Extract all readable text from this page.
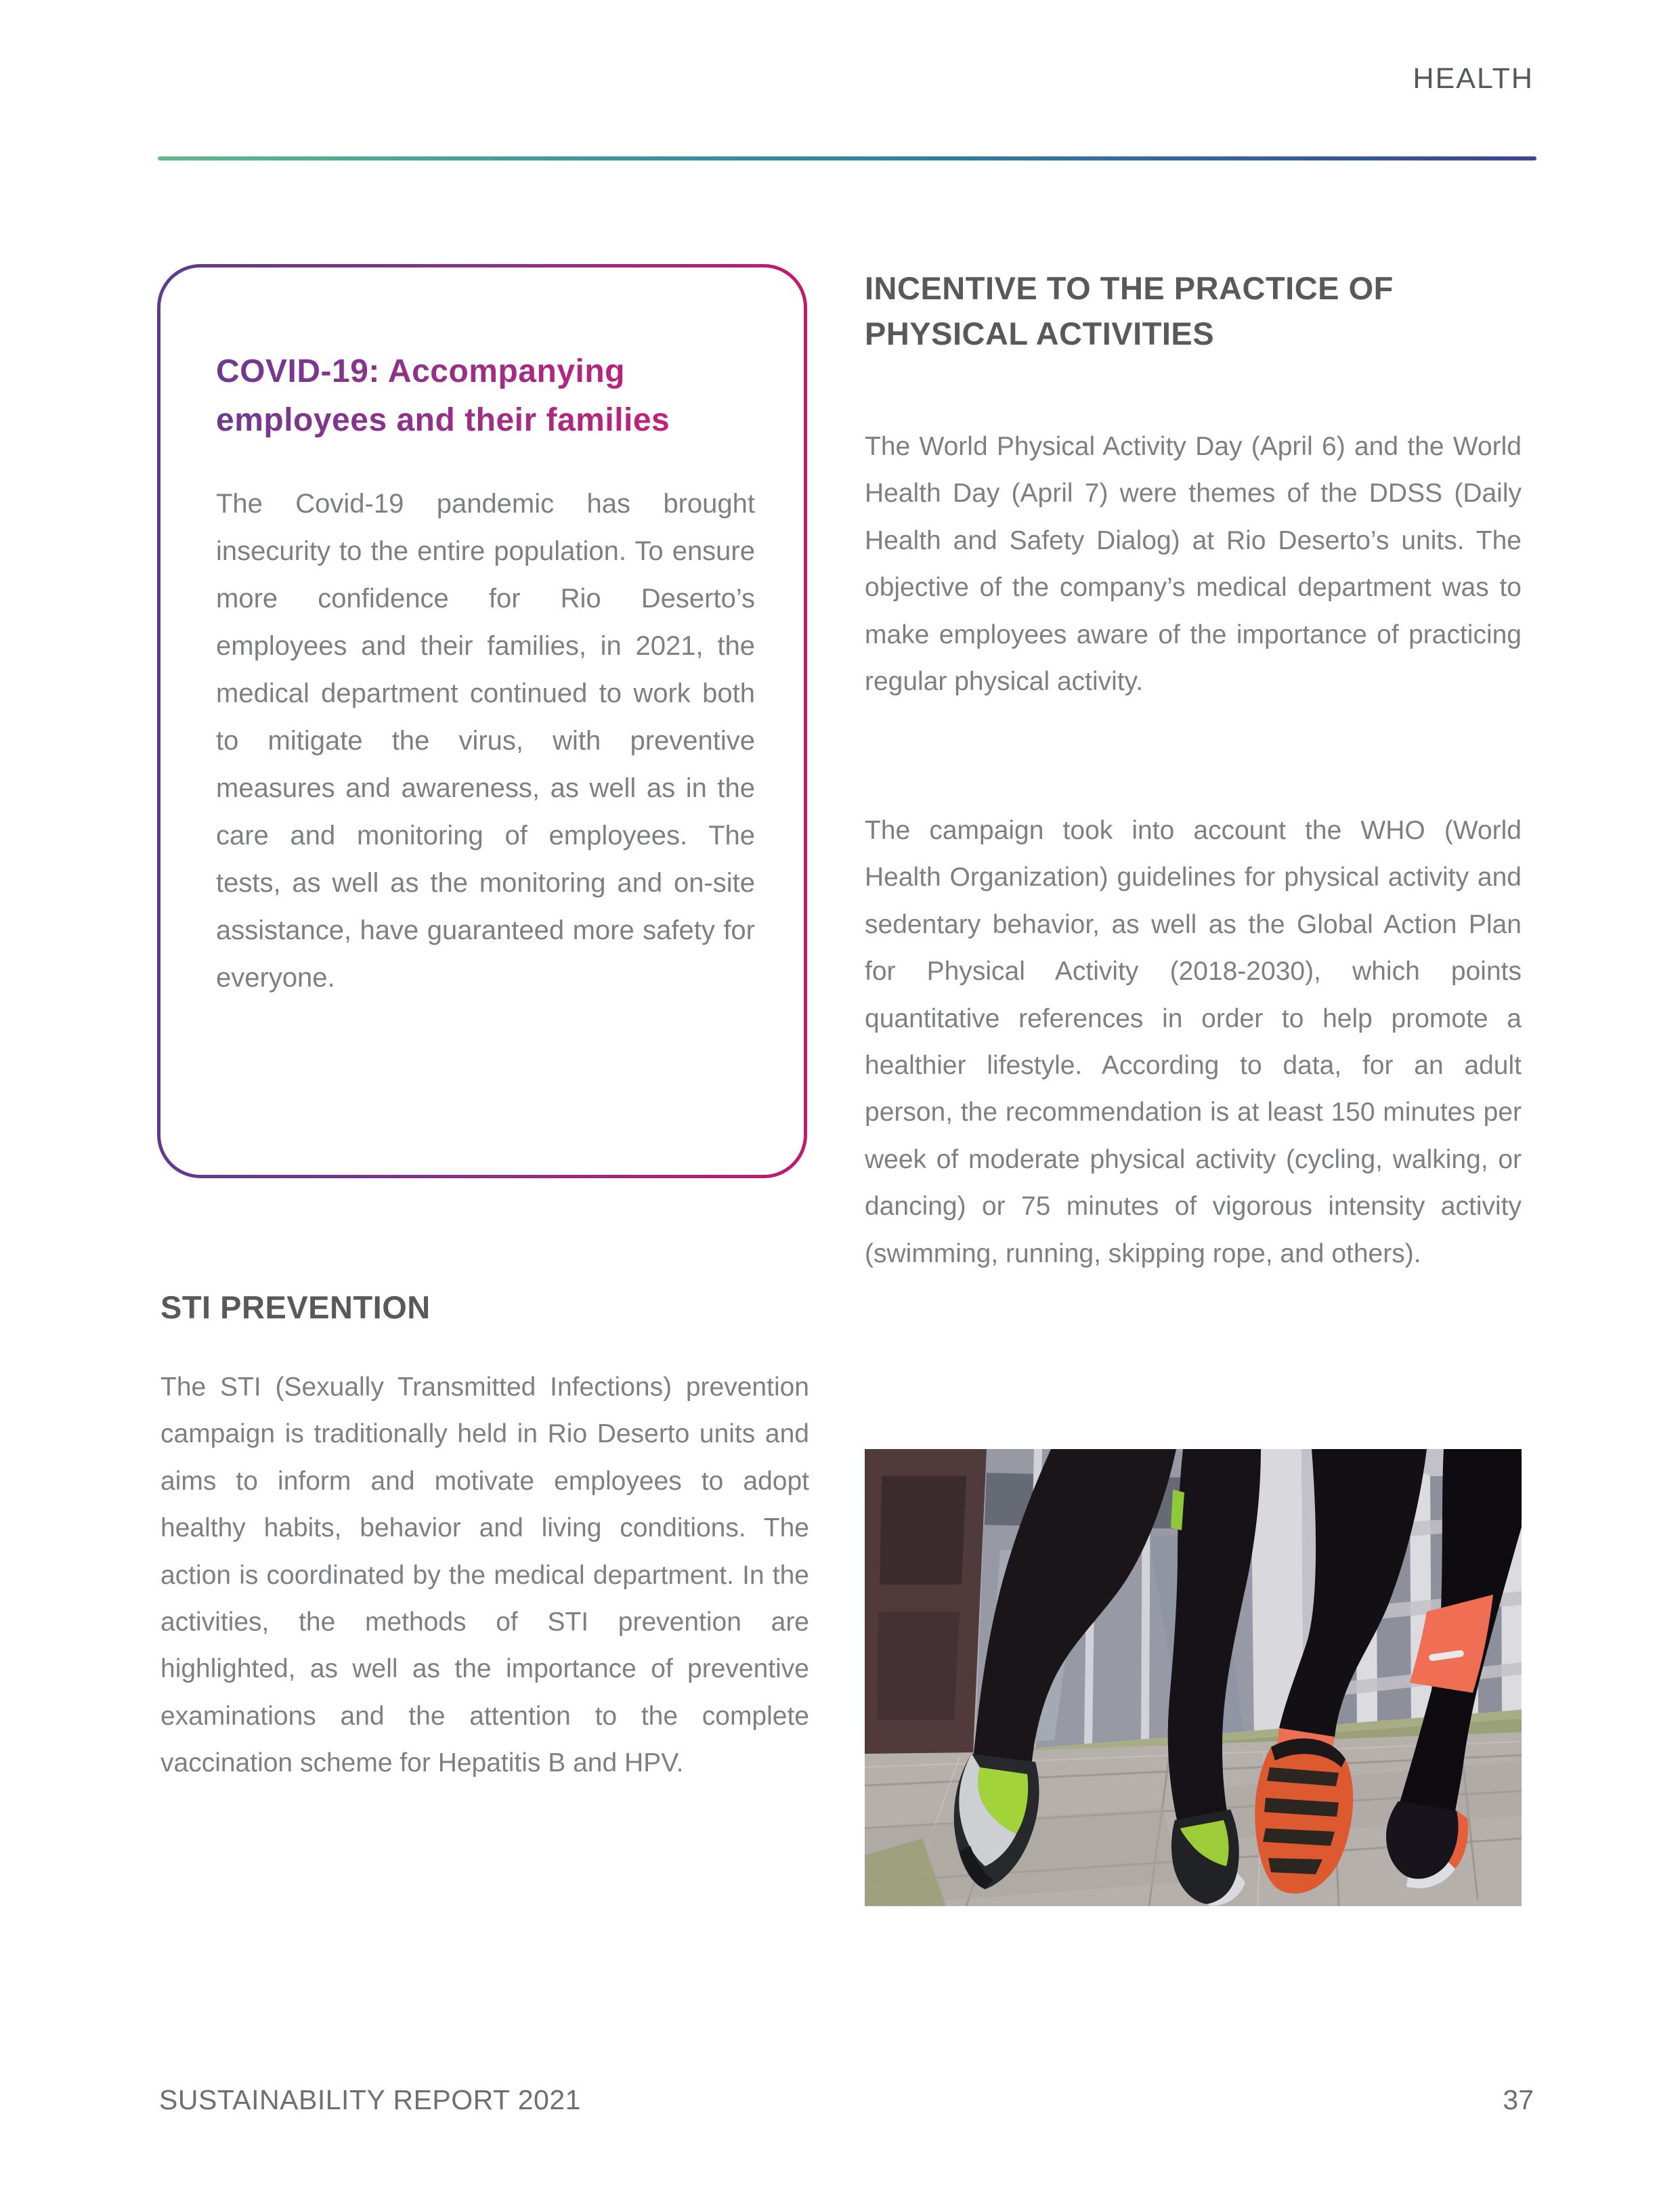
HEALTH
COVID-19: Accompanying employees and their families

The Covid-19 pandemic has brought insecurity to the entire population. To ensure more confidence for Rio Deserto’s employees and their families, in 2021, the medical department continued to work both to mitigate the virus, with preventive measures and awareness, as well as in the care and monitoring of employees. The tests, as well as the monitoring and on-site assistance, have guaranteed more safety for everyone.

STI PREVENTION

The STI (Sexually Transmitted Infections) prevention campaign is traditionally held in Rio Deserto units and aims to inform and motivate employees to adopt healthy habits, behavior and living conditions. The action is coordinated by the medical department. In the activities, the methods of STI prevention are highlighted, as well as the importance of preventive examinations and the attention to the complete vaccination scheme for Hepatitis B and HPV.

INCENTIVE TO THE PRACTICE OF PHYSICAL ACTIVITIES

The World Physical Activity Day (April 6) and the World Health Day (April 7) were themes of the DDSS (Daily Health and Safety Dialog) at Rio Deserto’s units. The objective of the company’s medical department was to make employees aware of the importance of practicing regular physical activity.

The campaign took into account the WHO (World Health Organization) guidelines for physical activity and sedentary behavior, as well as the Global Action Plan for Physical Activity (2018-2030), which points quantitative references in order to help promote a healthier lifestyle. According to data, for an adult person, the recommendation is at least 150 minutes per week of moderate physical activity (cycling, walking, or dancing) or 75 minutes of vigorous intensity activity (swimming, running, skipping rope, and others).

SUSTAINABILITY REPORT 2021	37
